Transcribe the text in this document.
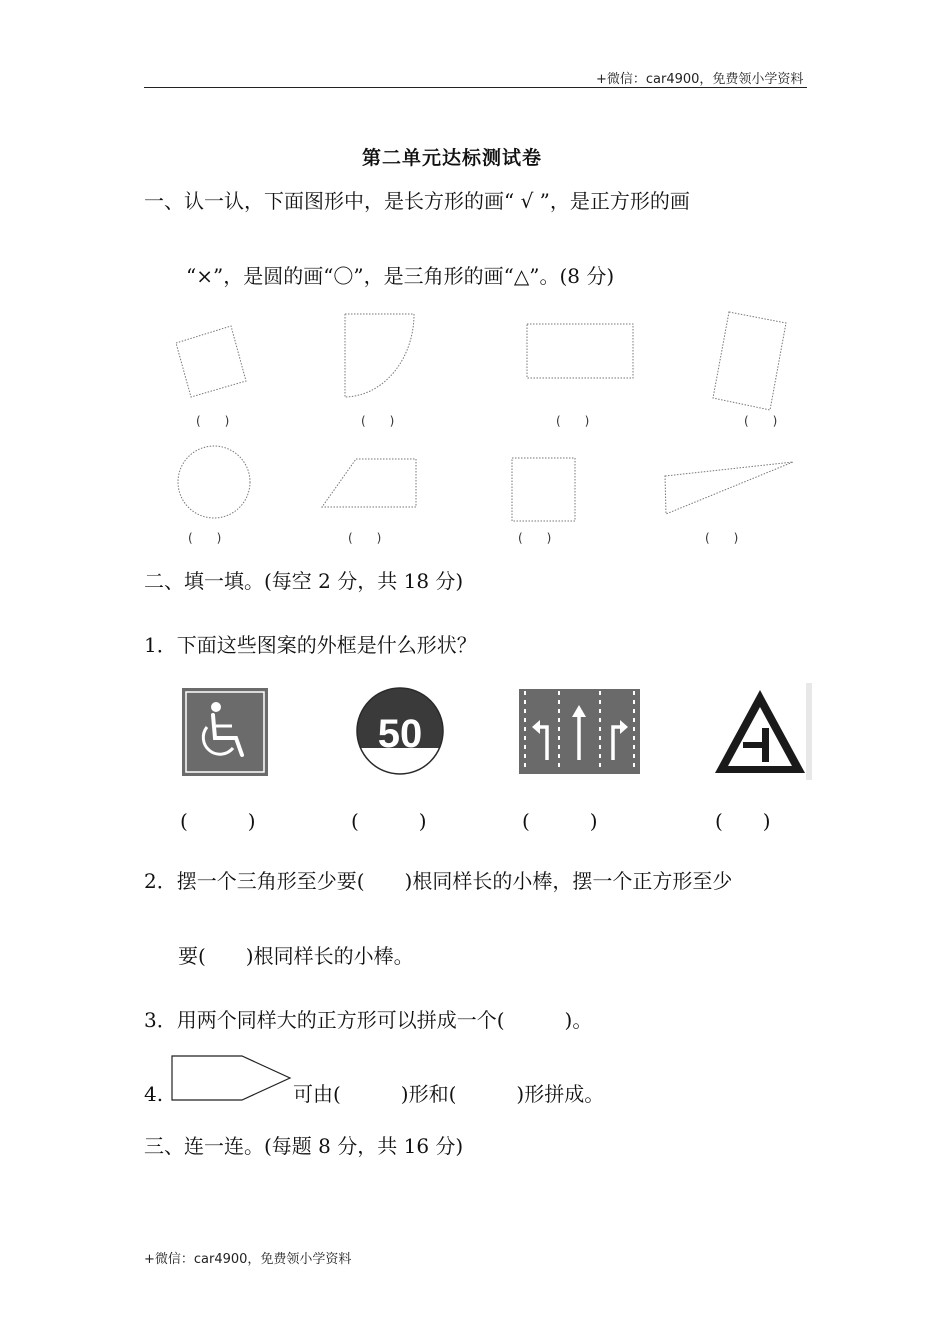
+微信：car4900，免费领小学资料
第二单元达标测试卷
一、认一认，下面图形中，是长方形的画“ √ ”，是正方形的画
“×”，是圆的画“〇”，是三角形的画“△”。(8 分)
(　　)	(　　)	(　　)	(　　)
(　　)	(　　)	(　　)	(　　)
二、填一填。(每空 2 分，共 18 分)
1．下面这些图案的外框是什么形状？
50
(　　　)	(　　　)	(　　　)	(　　)
2．摆一个三角形至少要(　　)根同样长的小棒，摆一个正方形至少
要(　　)根同样长的小棒。
3．用两个同样大的正方形可以拼成一个(　　　)。
4.	可由(　　　)形和(　　　)形拼成。
三、连一连。(每题 8 分，共 16 分)
+微信：car4900，免费领小学资料
